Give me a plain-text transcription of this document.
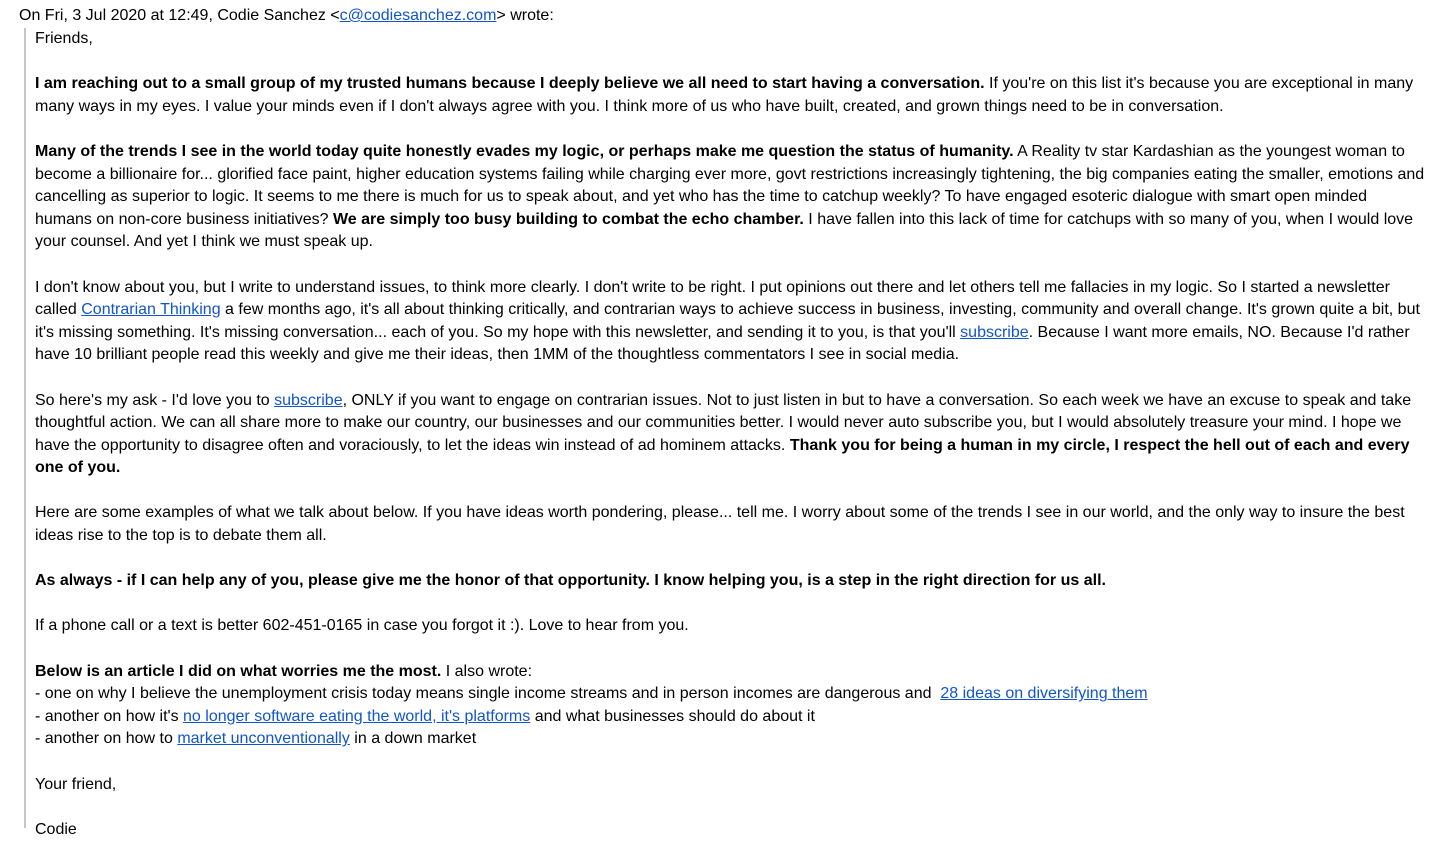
On Fri, 3 Jul 2020 at 12:49, Codie Sanchez <c@codiesanchez.com> wrote:

Friends,

I am reaching out to a small group of my trusted humans because I deeply believe we all need to start having a conversation. If you're on this list it's because you are exceptional in many many ways in my eyes. I value your minds even if I don't always agree with you. I think more of us who have built, created, and grown things need to be in conversation.

Many of the trends I see in the world today quite honestly evades my logic, or perhaps make me question the status of humanity. A Reality tv star Kardashian as the youngest woman to become a billionaire for... glorified face paint, higher education systems failing while charging ever more, govt restrictions increasingly tightening, the big companies eating the smaller, emotions and cancelling as superior to logic. It seems to me there is much for us to speak about, and yet who has the time to catchup weekly? To have engaged esoteric dialogue with smart open minded humans on non-core business initiatives? We are simply too busy building to combat the echo chamber. I have fallen into this lack of time for catchups with so many of you, when I would love your counsel. And yet I think we must speak up.

I don't know about you, but I write to understand issues, to think more clearly. I don't write to be right. I put opinions out there and let others tell me fallacies in my logic. So I started a newsletter called Contrarian Thinking a few months ago, it's all about thinking critically, and contrarian ways to achieve success in business, investing, community and overall change. It's grown quite a bit, but it's missing something. It's missing conversation... each of you. So my hope with this newsletter, and sending it to you, is that you'll subscribe. Because I want more emails, NO. Because I'd rather have 10 brilliant people read this weekly and give me their ideas, then 1MM of the thoughtless commentators I see in social media.

So here's my ask - I'd love you to subscribe, ONLY if you want to engage on contrarian issues. Not to just listen in but to have a conversation. So each week we have an excuse to speak and take thoughtful action. We can all share more to make our country, our businesses and our communities better. I would never auto subscribe you, but I would absolutely treasure your mind. I hope we have the opportunity to disagree often and voraciously, to let the ideas win instead of ad hominem attacks. Thank you for being a human in my circle, I respect the hell out of each and every one of you.

Here are some examples of what we talk about below. If you have ideas worth pondering, please... tell me. I worry about some of the trends I see in our world, and the only way to insure the best ideas rise to the top is to debate them all.

As always - if I can help any of you, please give me the honor of that opportunity. I know helping you, is a step in the right direction for us all.

If a phone call or a text is better 602-451-0165 in case you forgot it :). Love to hear from you.

Below is an article I did on what worries me the most. I also wrote:

- one on why I believe the unemployment crisis today means single income streams and in person incomes are dangerous and  28 ideas on diversifying them

- another on how it's no longer software eating the world, it's platforms and what businesses should do about it

- another on how to market unconventionally in a down market

Your friend,

Codie
